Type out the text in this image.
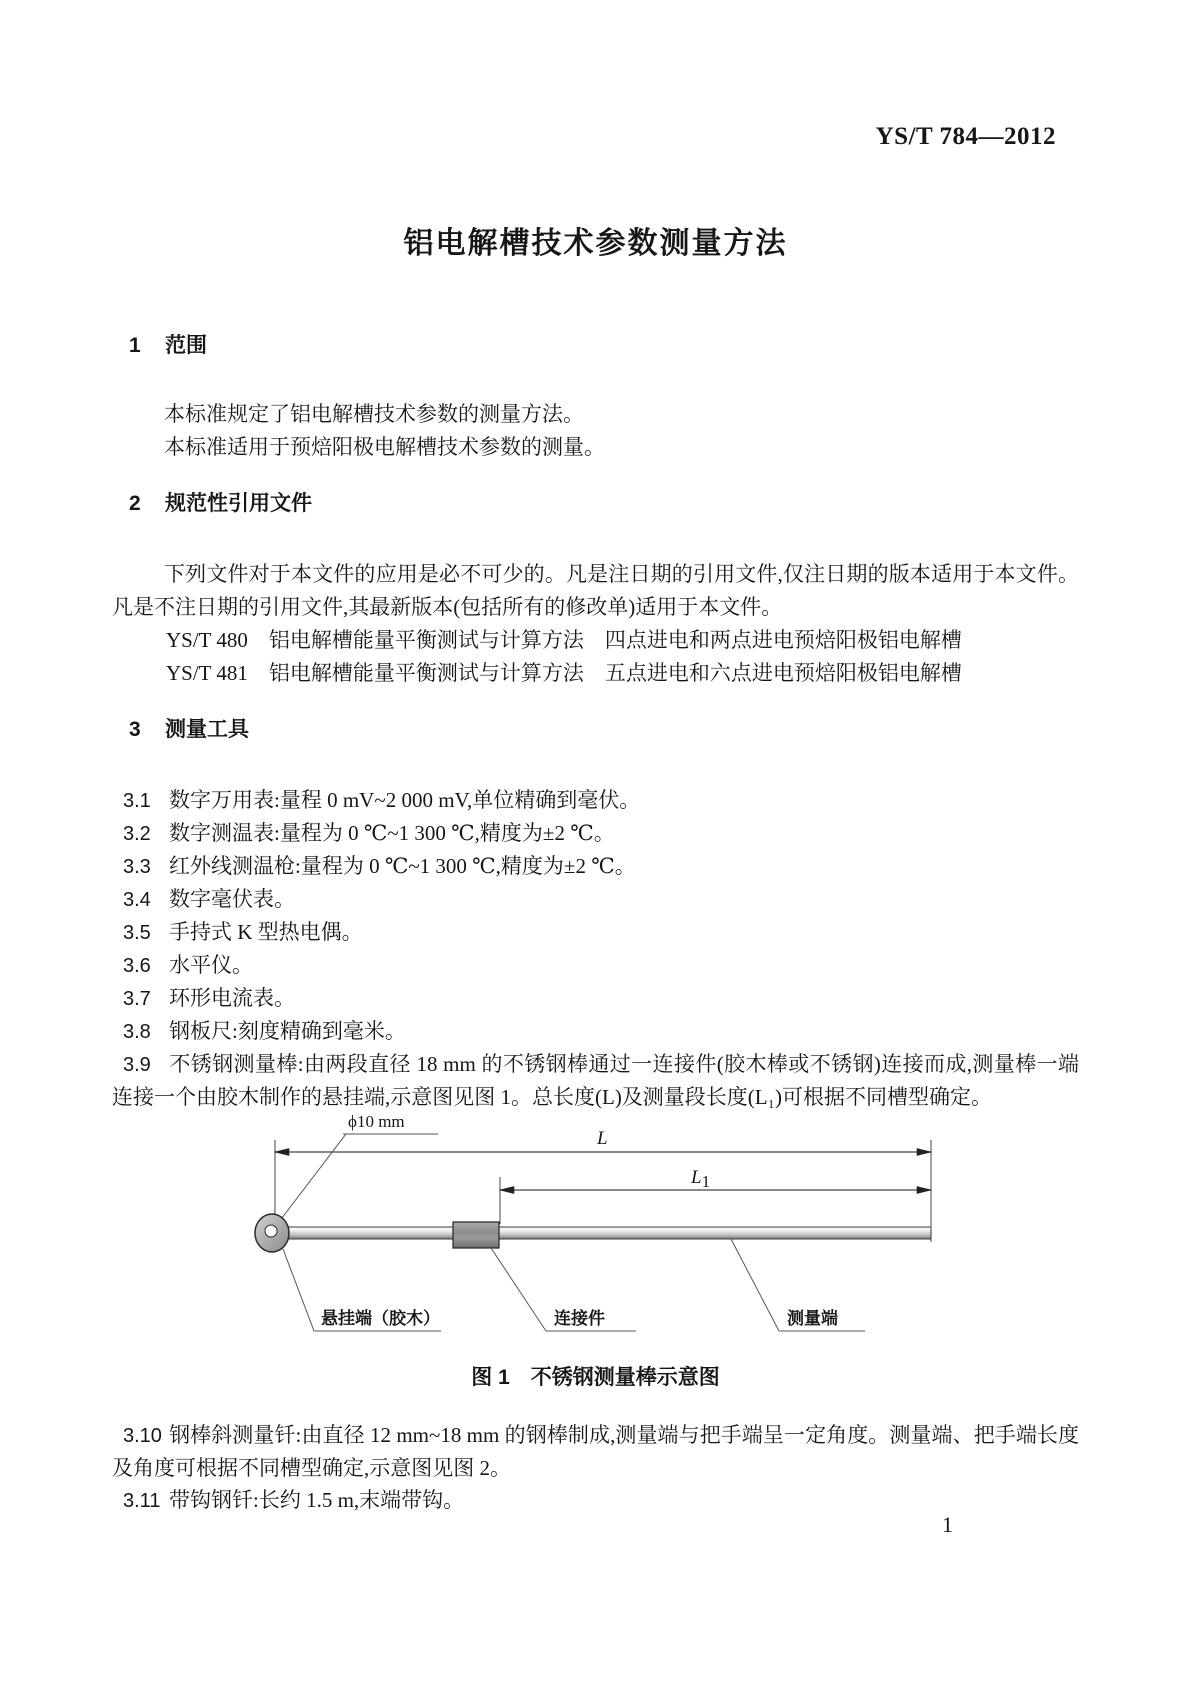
YS/T 784—2012
铝电解槽技术参数测量方法
1 范围

本标准规定了铝电解槽技术参数的测量方法。

本标准适用于预焙阳极电解槽技术参数的测量。

2 规范性引用文件

下列文件对于本文件的应用是必不可少的。凡是注日期的引用文件,仅注日期的版本适用于本文件。凡是不注日期的引用文件,其最新版本(包括所有的修改单)适用于本文件。

YS/T 480　铝电解槽能量平衡测试与计算方法　四点进电和两点进电预焙阳极铝电解槽

YS/T 481　铝电解槽能量平衡测试与计算方法　五点进电和六点进电预焙阳极铝电解槽

3 测量工具

3.1 数字万用表:量程 0 mV~2 000 mV,单位精确到毫伏。

3.2 数字测温表:量程为 0 ℃~1 300 ℃,精度为±2 ℃。

3.3 红外线测温枪:量程为 0 ℃~1 300 ℃,精度为±2 ℃。

3.4 数字毫伏表。

3.5 手持式 K 型热电偶。

3.6 水平仪。

3.7 环形电流表。

3.8 钢板尺:刻度精确到毫米。

3.9 不锈钢测量棒:由两段直径 18 mm 的不锈钢棒通过一连接件(胶木棒或不锈钢)连接而成,测量棒一端连接一个由胶木制作的悬挂端,示意图见图 1。总长度(L)及测量段长度(L₁)可根据不同槽型确定。

ϕ10 mm
L
L1
悬挂端（胶木）	连接件	测量端
图 1　不锈钢测量棒示意图

3.10 钢棒斜测量钎:由直径 12 mm~18 mm 的钢棒制成,测量端与把手端呈一定角度。测量端、把手端长度及角度可根据不同槽型确定,示意图见图 2。

3.11 带钩钢钎:长约 1.5 m,末端带钩。

1
